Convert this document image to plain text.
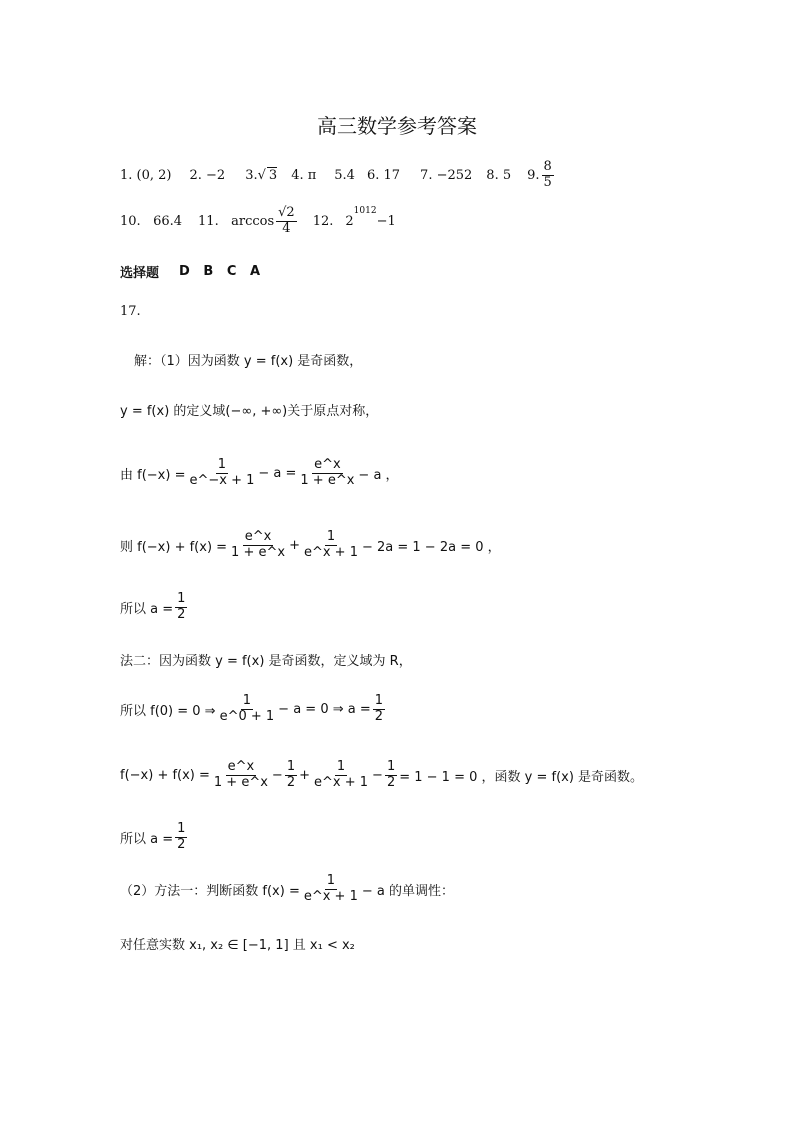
高三数学参考答案
1. (0, 2) 2. −2 3. √ 3 4. π 5.4 6. 17 7. −252 8. 5 9. $\frac{8}{5}$
10.   66.4 11.   $\arccos \frac{√2}{4} 12$. 2
$^{1012}$
−1
选择题 D   B   C   A
17.
解：（1）因为函数 y = f(x) 是奇函数，
y = f(x) 的定义域(−∞, +∞)关于原点对称，
由 $f(-x) = \frac{1}{e\^{}-x + 1} - a = \frac{e\^{}x}{1 + e\^{}x} - a$ ，
则 $f(-x) + f(x) = \frac{e\^{}x}{1 + e\^{}x} + \frac{1}{e\^{}x + 1} - 2a = 1 - 2a = 0$ ，
所以 $a = \frac{1}{2}$
法二：因为函数 y = f(x) 是奇函数，定义域为 R，
所以 f(0) = 0 ⇒ $\frac{1}{e\^{}0 + 1} - a = 0$ ⇒ $a = \frac{1}{2}$
$f(-x) + f(x) = \frac{e\^{}x}{1 + e\^{}x} - \frac{1}{2} + \frac{1}{e\^{}x + 1} - \frac{1}{2} = 1 - 1 = 0$ ，函数 y = f(x) 是奇函数。
所以 $a = \frac{1}{2}$
（2）方法一：判断函数 $f(x) = \frac{1}{e\^{}x + 1} - a$ 的单调性：
对任意实数 x₁, x₂ ∈ [−1, 1] 且 x₁ < x₂
